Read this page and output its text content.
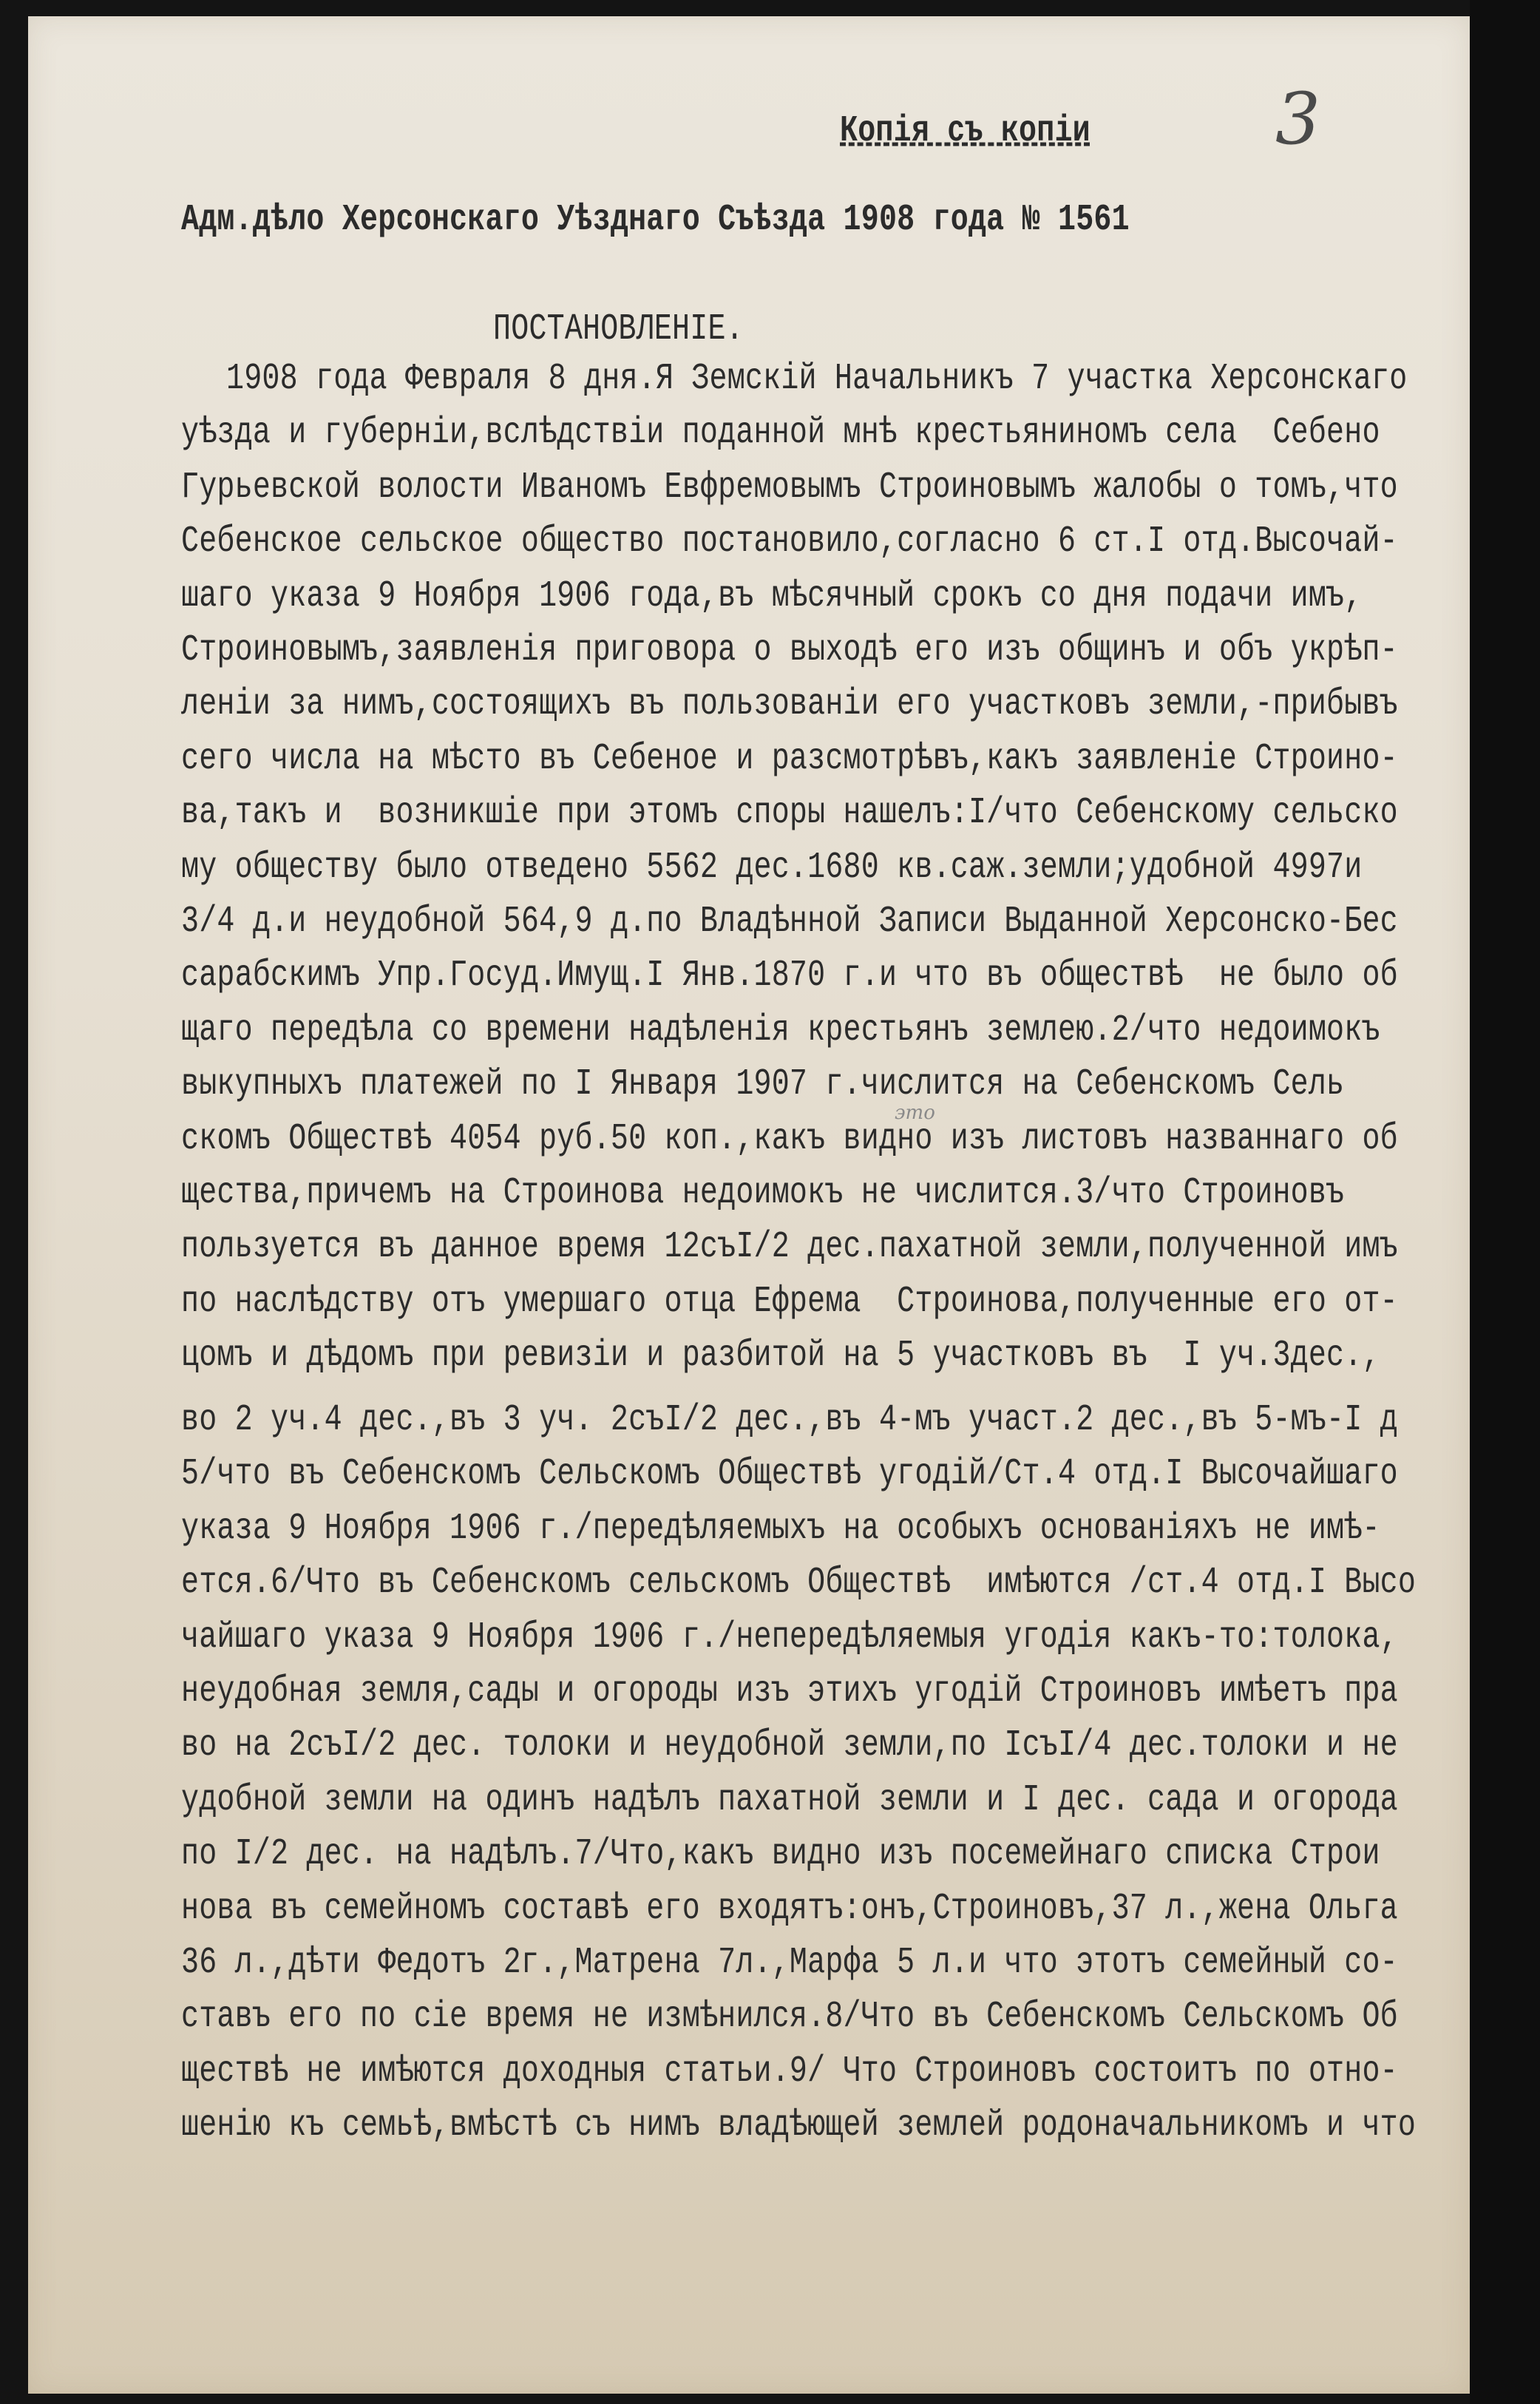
Копія съ копіи	3
Адм.дѣло Херсонскаго Уѣзднаго Съѣзда 1908 года № 1561
ПОСТАНОВЛЕНІЕ.
это
1908 года Февраля 8 дня.Я Земскій Начальникъ 7 участка Херсонскаго
уѣзда и губерніи,вслѣдствіи поданной мнѣ крестьяниномъ села  Себено
Гурьевской волости Иваномъ Евфремовымъ Строиновымъ жалобы о томъ,что
Себенское сельское общество постановило,согласно 6 ст.I отд.Высочай-
шаго указа 9 Ноября 1906 года,въ мѣсячный срокъ со дня подачи имъ,
Строиновымъ,заявленія приговора о выходѣ его изъ общинъ и объ укрѣп-
леніи за нимъ,состоящихъ въ пользованіи его участковъ земли,-прибывъ
сего числа на мѣсто въ Себеное и разсмотрѣвъ,какъ заявленіе Строино-
ва,такъ и  возникшіе при этомъ споры нашелъ:I/что Себенскому сельско
му обществу было отведено 5562 дес.1680 кв.саж.земли;удобной 4997и
3/4 д.и неудобной 564,9 д.по Владѣнной Записи Выданной Херсонско-Бес
сарабскимъ Упр.Госуд.Имущ.I Янв.1870 г.и что въ обществѣ  не было об
щаго передѣла со времени надѣленія крестьянъ землею.2/что недоимокъ
выкупныхъ платежей по I Января 1907 г.числится на Себенскомъ Сель
скомъ Обществѣ 4054 руб.50 коп.,какъ видно изъ листовъ названнаго об
щества,причемъ на Строинова недоимокъ не числится.3/что Строиновъ
пользуется въ данное время 12съI/2 дес.пахатной земли,полученной имъ
по наслѣдству отъ умершаго отца Ефрема  Строинова,полученные его от-
цомъ и дѣдомъ при ревизіи и разбитой на 5 участковъ въ  I уч.3дес.,
во 2 уч.4 дес.,въ 3 уч. 2съI/2 дес.,въ 4-мъ участ.2 дес.,въ 5-мъ-I д
5/что въ Себенскомъ Сельскомъ Обществѣ угодій/Ст.4 отд.I Высочайшаго
указа 9 Ноября 1906 г./передѣляемыхъ на особыхъ основаніяхъ не имѣ-
ется.6/Что въ Себенскомъ сельскомъ Обществѣ  имѣются /ст.4 отд.I Высо
чайшаго указа 9 Ноября 1906 г./непередѣляемыя угодія какъ-то:толока,
неудобная земля,сады и огороды изъ этихъ угодій Строиновъ имѣетъ пра
во на 2съI/2 дес. толоки и неудобной земли,по IсъI/4 дес.толоки и не
удобной земли на одинъ надѣлъ пахатной земли и I дес. сада и огорода
по I/2 дес. на надѣлъ.7/Что,какъ видно изъ посемейнаго списка Строи
нова въ семейномъ составѣ его входятъ:онъ,Строиновъ,37 л.,жена Ольга
36 л.,дѣти Федотъ 2г.,Матрена 7л.,Марфа 5 л.и что этотъ семейный со-
ставъ его по сіе время не измѣнился.8/Что въ Себенскомъ Сельскомъ Об
ществѣ не имѣются доходныя статьи.9/ Что Строиновъ состоитъ по отно-
шенію къ семьѣ,вмѣстѣ съ нимъ владѣющей землей родоначальникомъ и что
